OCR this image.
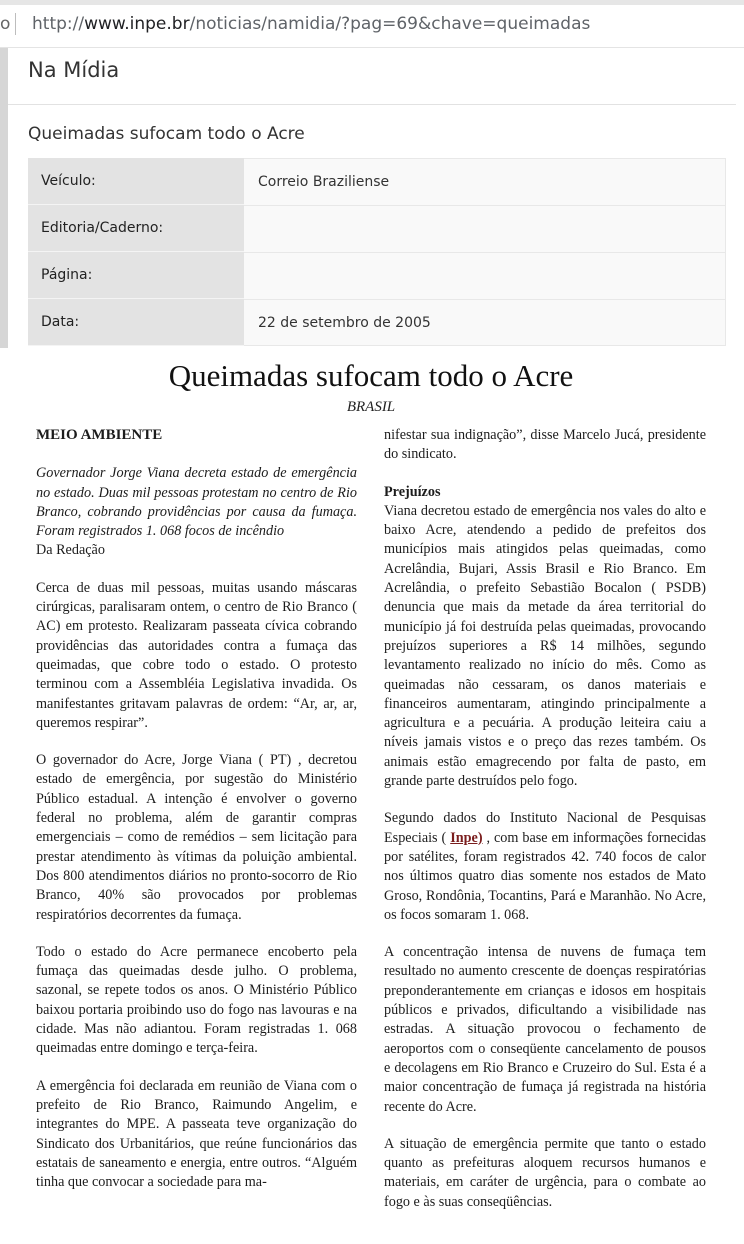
o http://www.inpe.br/noticias/namidia/?pag=69&chave=queimadas
Na Mídia
Queimadas sufocam todo o Acre
Veículo:	Correio Braziliense
Editoria/Caderno:	
Página:	
Data:	22 de setembro de 2005
Queimadas sufocam todo o Acre
BRASIL
MEIO AMBIENTE

Governador Jorge Viana decreta estado de emergência no estado. Duas mil pessoas protestam no centro de Rio Branco, cobrando providências por causa da fumaça. Foram registrados 1. 068 focos de incêndio

Da Redação

Cerca de duas mil pessoas, muitas usando máscaras cirúrgicas, paralisaram ontem, o centro de Rio Branco ( AC) em protesto. Realizaram passeata cívica cobrando providências das autoridades contra a fumaça das queimadas, que cobre todo o estado. O protesto terminou com a Assembléia Legislativa invadida. Os manifestantes gritavam palavras de ordem: “Ar, ar, ar, queremos respirar”.

O governador do Acre, Jorge Viana ( PT) , decretou estado de emergência, por sugestão do Ministério Público estadual. A intenção é envolver o governo federal no problema, além de garantir compras emergenciais – como de remédios – sem licitação para prestar atendimento às vítimas da poluição ambiental. Dos 800 atendimentos diários no pronto-socorro de Rio Branco, 40% são provocados por problemas respiratórios decorrentes da fumaça.

Todo o estado do Acre permanece encoberto pela fumaça das queimadas desde julho. O problema, sazonal, se repete todos os anos. O Ministério Público baixou portaria proibindo uso do fogo nas lavouras e na cidade. Mas não adiantou. Foram registradas 1. 068 queimadas entre domingo e terça-feira.

A emergência foi declarada em reunião de Viana com o prefeito de Rio Branco, Raimundo Angelim, e integrantes do MPE. A passeata teve organização do Sindicato dos Urbanitários, que reúne funcionários das estatais de saneamento e energia, entre outros. “Alguém tinha que convocar a sociedade para ma-

nifestar sua indignação”, disse Marcelo Jucá, presidente do sindicato.

Prejuízos

Viana decretou estado de emergência nos vales do alto e baixo Acre, atendendo a pedido de prefeitos dos municípios mais atingidos pelas queimadas, como Acrelândia, Bujari, Assis Brasil e Rio Branco. Em Acrelândia, o prefeito Sebastião Bocalon ( PSDB) denuncia que mais da metade da área territorial do município já foi destruída pelas queimadas, provocando prejuízos superiores a R$ 14 milhões, segundo levantamento realizado no início do mês. Como as queimadas não cessaram, os danos materiais e financeiros aumentaram, atingindo principalmente a agricultura e a pecuária. A produção leiteira caiu a níveis jamais vistos e o preço das rezes também. Os animais estão emagrecendo por falta de pasto, em grande parte destruídos pelo fogo.

Segundo dados do Instituto Nacional de Pesquisas Especiais ( Inpe) , com base em informações fornecidas por satélites, foram registrados 42. 740 focos de calor nos últimos quatro dias somente nos estados de Mato Groso, Rondônia, Tocantins, Pará e Maranhão. No Acre, os focos somaram 1. 068.

A concentração intensa de nuvens de fumaça tem resultado no aumento crescente de doenças respiratórias preponderantemente em crianças e idosos em hospitais públicos e privados, dificultando a visibilidade nas estradas. A situação provocou o fechamento de aeroportos com o conseqüente cancelamento de pousos e decolagens em Rio Branco e Cruzeiro do Sul. Esta é a maior concentração de fumaça já registrada na história recente do Acre.

A situação de emergência permite que tanto o estado quanto as prefeituras aloquem recursos humanos e materiais, em caráter de urgência, para o combate ao fogo e às suas conseqüências.
